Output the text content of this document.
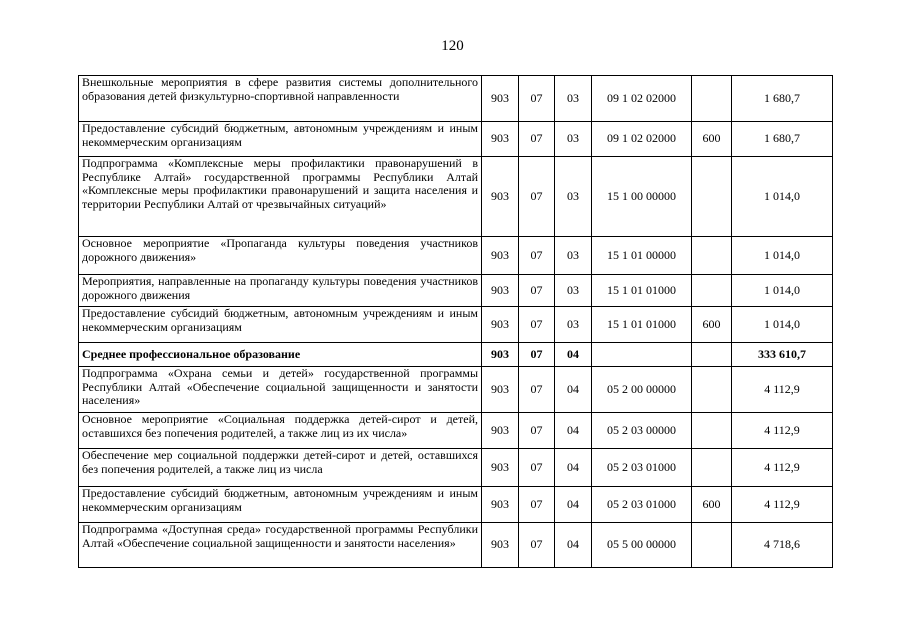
120
Внешкольные мероприятия в сфере развития системы дополнительного образования детей физкультурно-спортивной направленности	903	07	03	09 1 02 02000		1 680,7
Предоставление субсидий бюджетным, автономным учреждениям и иным некоммерческим организациям	903	07	03	09 1 02 02000	600	1 680,7
Подпрограмма «Комплексные меры профилактики правонарушений в Республике Алтай» государственной программы Республики Алтай «Комплексные меры профилактики правонарушений и защита населения и территории Республики Алтай от чрезвычайных ситуаций»	903	07	03	15 1 00 00000		1 014,0
Основное мероприятие «Пропаганда культуры поведения участников дорожного движения»	903	07	03	15 1 01 00000		1 014,0
Мероприятия, направленные на пропаганду культуры поведения участников дорожного движения	903	07	03	15 1 01 01000		1 014,0
Предоставление субсидий бюджетным, автономным учреждениям и иным некоммерческим организациям	903	07	03	15 1 01 01000	600	1 014,0
Среднее профессиональное образование	903	07	04			333 610,7
Подпрограмма «Охрана семьи и детей» государственной программы Республики Алтай «Обеспечение социальной защищенности и занятости населения»	903	07	04	05 2 00 00000		4 112,9
Основное мероприятие «Социальная поддержка детей-сирот и детей, оставшихся без попечения родителей, а также лиц из их числа»	903	07	04	05 2 03 00000		4 112,9
Обеспечение мер социальной поддержки детей-сирот и детей, оставшихся без попечения родителей, а также лиц из числа	903	07	04	05 2 03 01000		4 112,9
Предоставление субсидий бюджетным, автономным учреждениям и иным некоммерческим организациям	903	07	04	05 2 03 01000	600	4 112,9
Подпрограмма «Доступная среда» государственной программы Республики Алтай «Обеспечение социальной защищенности и занятости населения»	903	07	04	05 5 00 00000		4 718,6
